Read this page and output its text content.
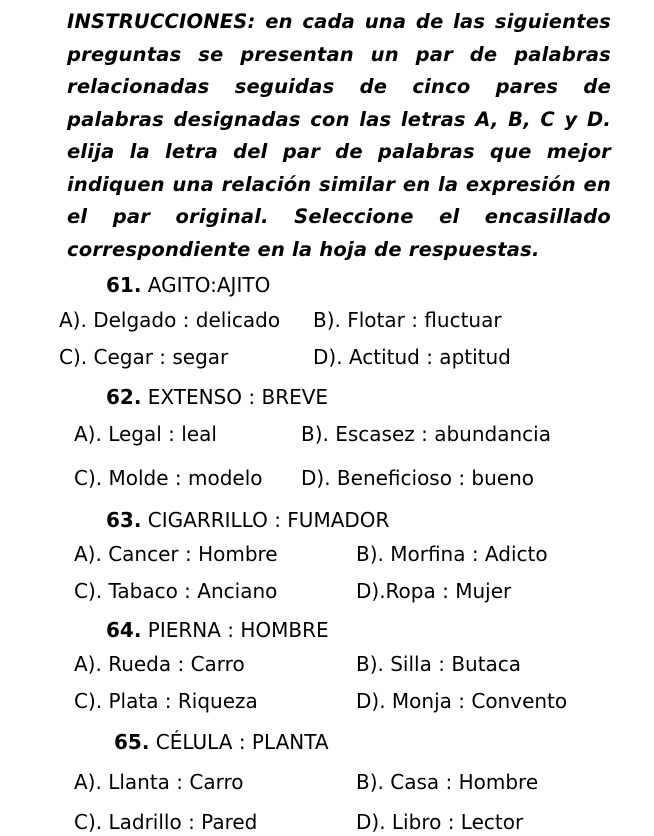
INSTRUCCIONES: en cada una de las siguientes preguntas se presentan un par de palabras relacionadas seguidas de cinco pares de palabras designadas con las letras A, B, C y D. elija la letra del par de palabras que mejor indiquen una relación similar en la expresión en el par original. Seleccione el encasillado correspondiente en la hoja de respuestas.
61. AGITO:AJITO
A). Delgado : delicado B). Flotar : fluctuar
C). Cegar : segar	D). Actitud : aptitud
62. EXTENSO : BREVE
A). Legal : leal	B). Escasez : abundancia
C). Molde : modelo D). Beneficioso : bueno
63. CIGARRILLO : FUMADOR
A). Cancer : Hombre	B). Morfina : Adicto
C). Tabaco : Anciano	D).Ropa : Mujer
64. PIERNA : HOMBRE
A). Rueda : Carro	B). Silla : Butaca
C). Plata : Riqueza	D). Monja : Convento
65. CÉLULA : PLANTA
A). Llanta : Carro	B). Casa : Hombre
C). Ladrillo : Pared	D). Libro : Lector
